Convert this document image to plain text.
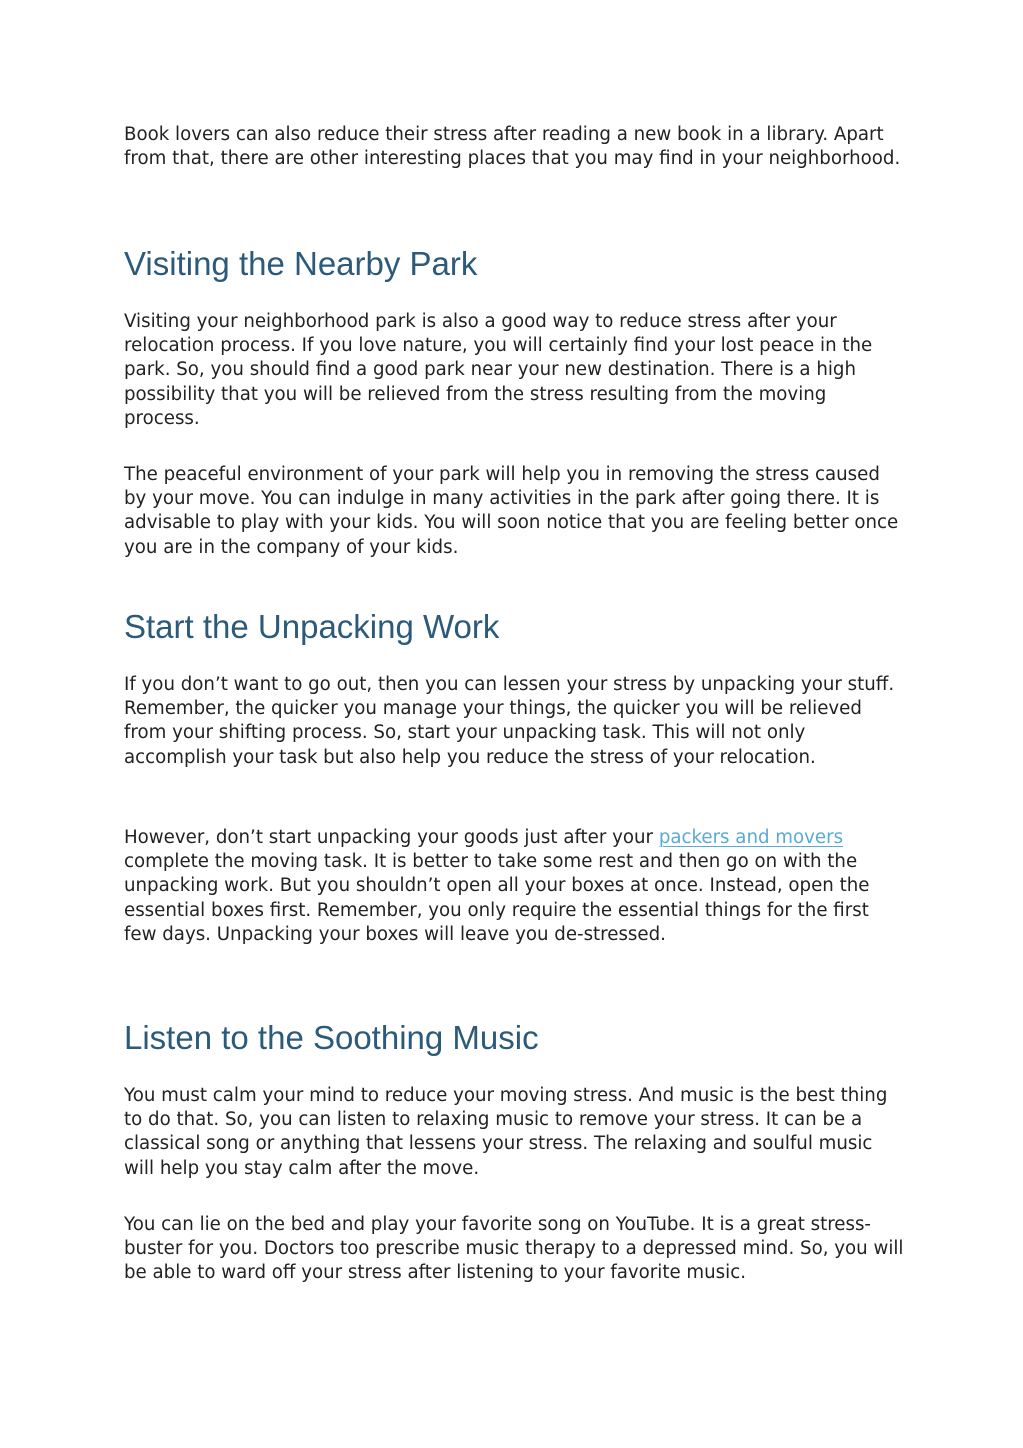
Book lovers can also reduce their stress after reading a new book in a library. Apart from that, there are other interesting places that you may find in your neighborhood.

Visiting the Nearby Park

Visiting your neighborhood park is also a good way to reduce stress after your relocation process. If you love nature, you will certainly find your lost peace in the park. So, you should find a good park near your new destination. There is a high possibility that you will be relieved from the stress resulting from the moving process.

The peaceful environment of your park will help you in removing the stress caused by your move. You can indulge in many activities in the park after going there. It is advisable to play with your kids. You will soon notice that you are feeling better once you are in the company of your kids.

Start the Unpacking Work

If you don’t want to go out, then you can lessen your stress by unpacking your stuff. Remember, the quicker you manage your things, the quicker you will be relieved from your shifting process. So, start your unpacking task. This will not only accomplish your task but also help you reduce the stress of your relocation.

However, don’t start unpacking your goods just after your packers and movers complete the moving task. It is better to take some rest and then go on with the unpacking work. But you shouldn’t open all your boxes at once. Instead, open the essential boxes first. Remember, you only require the essential things for the first few days. Unpacking your boxes will leave you de-stressed.

Listen to the Soothing Music

You must calm your mind to reduce your moving stress. And music is the best thing to do that. So, you can listen to relaxing music to remove your stress. It can be a classical song or anything that lessens your stress. The relaxing and soulful music will help you stay calm after the move.

You can lie on the bed and play your favorite song on YouTube. It is a great stress-buster for you. Doctors too prescribe music therapy to a depressed mind. So, you will be able to ward off your stress after listening to your favorite music.
